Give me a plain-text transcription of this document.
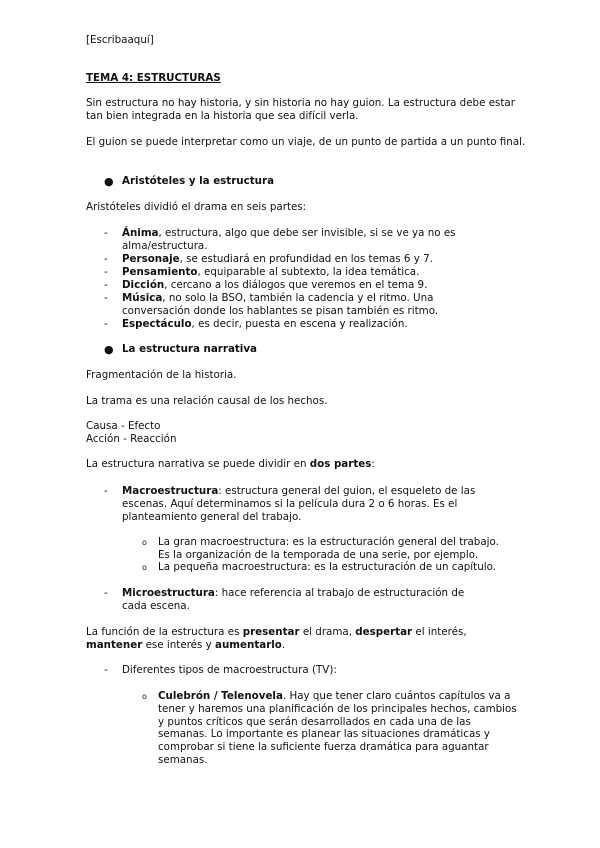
[Escribaaquí]
TEMA 4: ESTRUCTURAS
Sin estructura no hay historia, y sin historia no hay guion. La estructura debe estar tan bien integrada en la historia que sea difícil verla.
El guion se puede interpretar como un viaje, de un punto de partida a un punto final.
● Aristóteles y la estructura
Aristóteles dividió el drama en seis partes:
- Ánima, estructura, algo que debe ser invisible, si se ve ya no es alma/estructura.
- Personaje, se estudiará en profundidad en los temas 6 y 7.
- Pensamiento, equiparable al subtexto, la idea temática.
- Dicción, cercano a los diálogos que veremos en el tema 9.
- Música, no solo la BSO, también la cadencia y el ritmo. Una conversación donde los hablantes se pisan también es ritmo.
- Espectáculo, es decir, puesta en escena y realización.
● La estructura narrativa
Fragmentación de la historia.
La trama es una relación causal de los hechos.
Causa - Efecto
Acción - Reacción
La estructura narrativa se puede dividir en dos partes:
- Macroestructura: estructura general del guion, el esqueleto de las escenas. Aquí determinamos si la película dura 2 o 6 horas. Es el planteamiento general del trabajo.
o La gran macroestructura: es la estructuración general del trabajo. Es la organización de la temporada de una serie, por ejemplo.
o La pequeña macroestructura: es la estructuración de un capítulo.
- Microestructura: hace referencia al trabajo de estructuración de cada escena.
La función de la estructura es presentar el drama, despertar el interés, mantener ese interés y aumentarlo.
- Diferentes tipos de macroestructura (TV):
o Culebrón / Telenovela. Hay que tener claro cuántos capítulos va a tener y haremos una planificación de los principales hechos, cambios y puntos críticos que serán desarrollados en cada una de las semanas. Lo importante es planear las situaciones dramáticas y comprobar si tiene la suficiente fuerza dramática para aguantar semanas.
